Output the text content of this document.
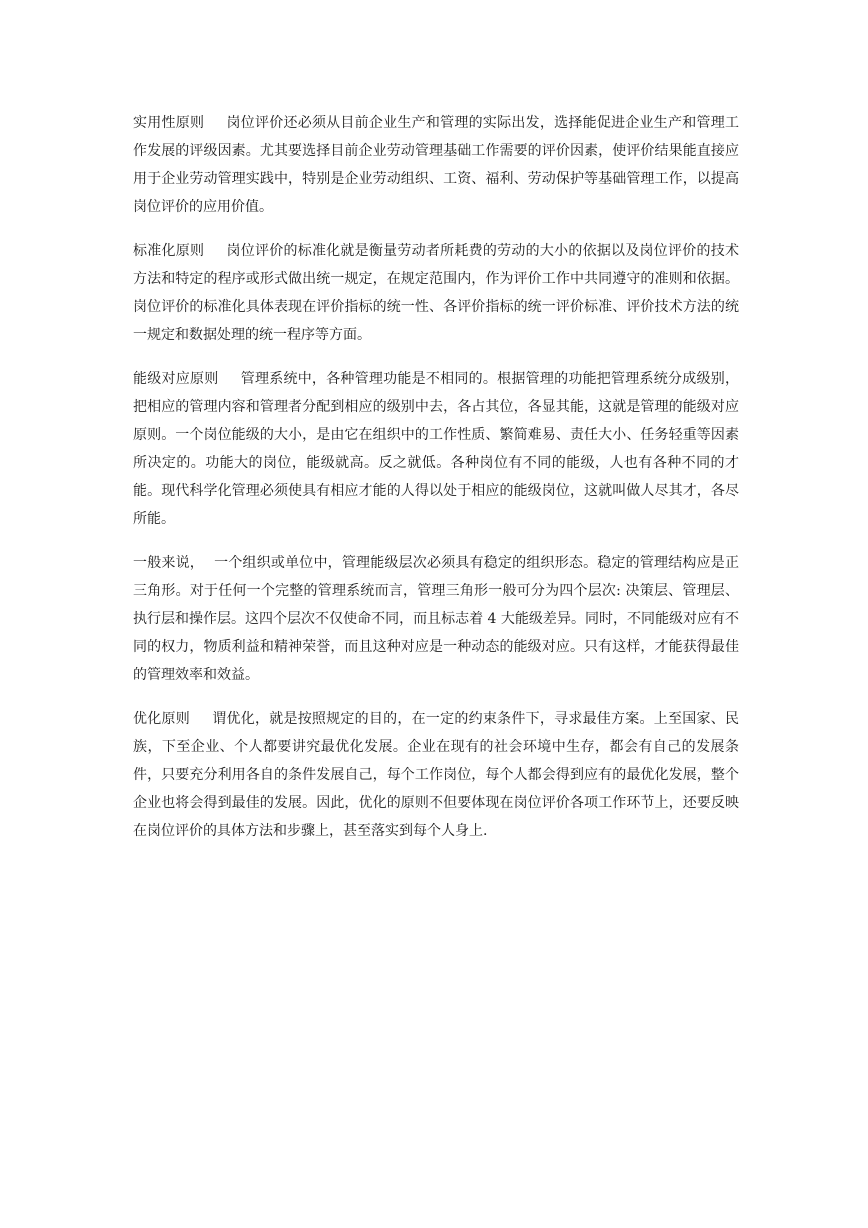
实用性原则 岗位评价还必须从目前企业生产和管理的实际出发，选择能促进企业生产和管理工作发展的评级因素。尤其要选择目前企业劳动管理基础工作需要的评价因素，使评价结果能直接应用于企业劳动管理实践中，特别是企业劳动组织、工资、福利、劳动保护等基础管理工作，以提高岗位评价的应用价值。

标准化原则 岗位评价的标准化就是衡量劳动者所耗费的劳动的大小的依据以及岗位评价的技术方法和特定的程序或形式做出统一规定，在规定范围内，作为评价工作中共同遵守的准则和依据。岗位评价的标准化具体表现在评价指标的统一性、各评价指标的统一评价标准、评价技术方法的统一规定和数据处理的统一程序等方面。

能级对应原则 管理系统中，各种管理功能是不相同的。根据管理的功能把管理系统分成级别，把相应的管理内容和管理者分配到相应的级别中去，各占其位，各显其能，这就是管理的能级对应原则。一个岗位能级的大小，是由它在组织中的工作性质、繁简难易、责任大小、任务轻重等因素所决定的。功能大的岗位，能级就高。反之就低。各种岗位有不同的能级，人也有各种不同的才能。现代科学化管理必须使具有相应才能的人得以处于相应的能级岗位，这就叫做人尽其才，各尽所能。

一般来说， 一个组织或单位中，管理能级层次必须具有稳定的组织形态。稳定的管理结构应是正三角形。对于任何一个完整的管理系统而言，管理三角形一般可分为四个层次: 决策层、管理层、执行层和操作层。这四个层次不仅使命不同，而且标志着 4 大能级差异。同时，不同能级对应有不同的权力，物质利益和精神荣誉，而且这种对应是一种动态的能级对应。只有这样，才能获得最佳的管理效率和效益。

优化原则 谓优化，就是按照规定的目的，在一定的约束条件下，寻求最佳方案。上至国家、民族，下至企业、个人都要讲究最优化发展。企业在现有的社会环境中生存，都会有自己的发展条件，只要充分利用各自的条件发展自己，每个工作岗位，每个人都会得到应有的最优化发展，整个企业也将会得到最佳的发展。因此，优化的原则不但要体现在岗位评价各项工作环节上，还要反映在岗位评价的具体方法和步骤上，甚至落实到每个人身上.
